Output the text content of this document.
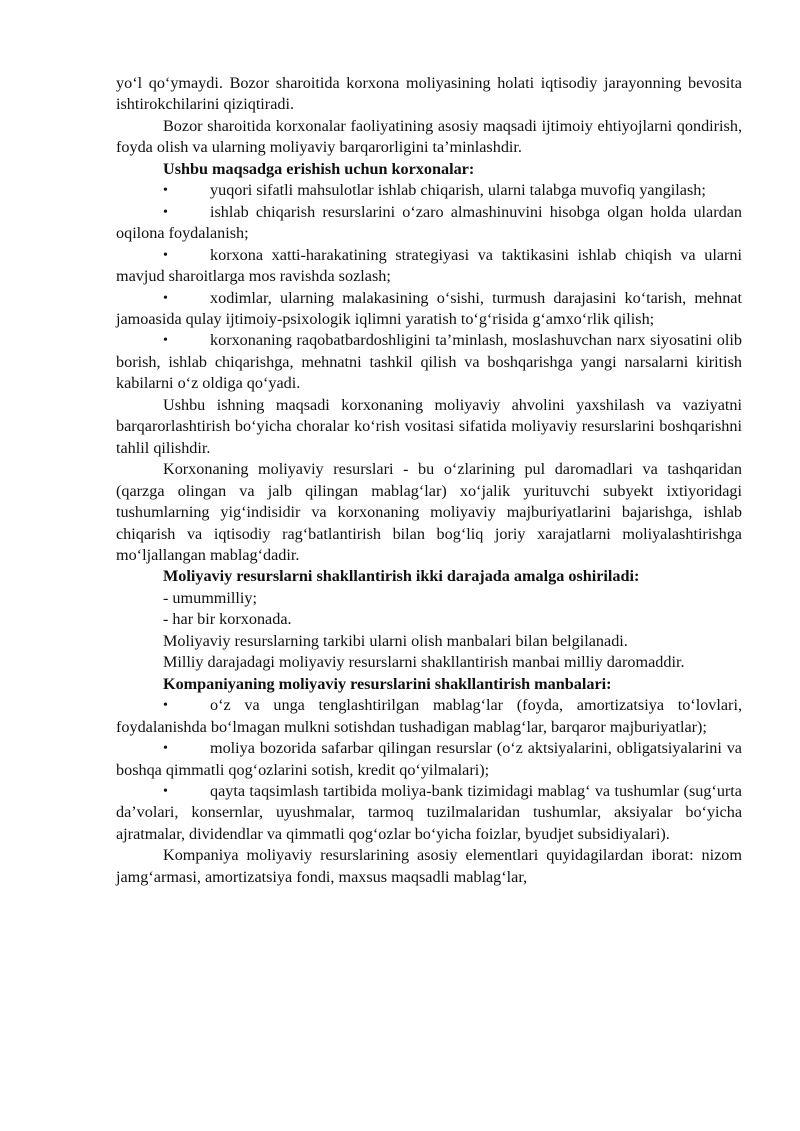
yo‘l qo‘ymaydi. Bozor sharoitida korxona moliyasining holati iqtisodiy jarayonning bevosita ishtirokchilarini qiziqtiradi.

Bozor sharoitida korxonalar faoliyatining asosiy maqsadi ijtimoiy ehtiyojlarni qondirish, foyda olish va ularning moliyaviy barqarorligini ta’minlashdir.

Ushbu maqsadga erishish uchun korxonalar:

•	yuqori sifatli mahsulotlar ishlab chiqarish, ularni talabga muvofiq yangilash;

•	ishlab chiqarish resurslarini o‘zaro almashinuvini hisobga olgan holda ulardan oqilona foydalanish;

•	korxona xatti-harakatining strategiyasi va taktikasini ishlab chiqish va ularni mavjud sharoitlarga mos ravishda sozlash;

•	xodimlar, ularning malakasining o‘sishi, turmush darajasini ko‘tarish, mehnat jamoasida qulay ijtimoiy-psixologik iqlimni yaratish to‘g‘risida g‘amxo‘rlik qilish;

•	korxonaning raqobatbardoshligini ta’minlash, moslashuvchan narx siyosatini olib borish, ishlab chiqarishga, mehnatni tashkil qilish va boshqarishga yangi narsalarni kiritish kabilarni o‘z oldiga qo‘yadi.

Ushbu ishning maqsadi korxonaning moliyaviy ahvolini yaxshilash va vaziyatni barqarorlashtirish bo‘yicha choralar ko‘rish vositasi sifatida moliyaviy resurslarini boshqarishni tahlil qilishdir.

Korxonaning moliyaviy resurslari - bu o‘zlarining pul daromadlari va tashqaridan (qarzga olingan va jalb qilingan mablag‘lar) xo‘jalik yurituvchi subyekt ixtiyoridagi tushumlarning yig‘indisidir va korxonaning moliyaviy majburiyatlarini bajarishga, ishlab chiqarish va iqtisodiy rag‘batlantirish bilan bog‘liq joriy xarajatlarni moliyalashtirishga mo‘ljallangan mablag‘dadir.

Moliyaviy resurslarni shakllantirish ikki darajada amalga oshiriladi:

- umummilliy;

- har bir korxonada.

Moliyaviy resurslarning tarkibi ularni olish manbalari bilan belgilanadi.

Milliy darajadagi moliyaviy resurslarni shakllantirish manbai milliy daromaddir.

Kompaniyaning moliyaviy resurslarini shakllantirish manbalari:

•	o‘z va unga tenglashtirilgan mablag‘lar (foyda, amortizatsiya to‘lovlari, foydalanishda bo‘lmagan mulkni sotishdan tushadigan mablag‘lar, barqaror majburiyatlar);

•	moliya bozorida safarbar qilingan resurslar (o‘z aktsiyalarini, obligatsiyalarini va boshqa qimmatli qog‘ozlarini sotish, kredit qo‘yilmalari);

•	qayta taqsimlash tartibida moliya-bank tizimidagi mablag‘ va tushumlar (sug‘urta da’volari, konsernlar, uyushmalar, tarmoq tuzilmalaridan tushumlar, aksiyalar bo‘yicha ajratmalar, dividendlar va qimmatli qog‘ozlar bo‘yicha foizlar, byudjet subsidiyalari).

Kompaniya moliyaviy resurslarining asosiy elementlari quyidagilardan iborat: nizom jamg‘armasi, amortizatsiya fondi, maxsus maqsadli mablag‘lar,
